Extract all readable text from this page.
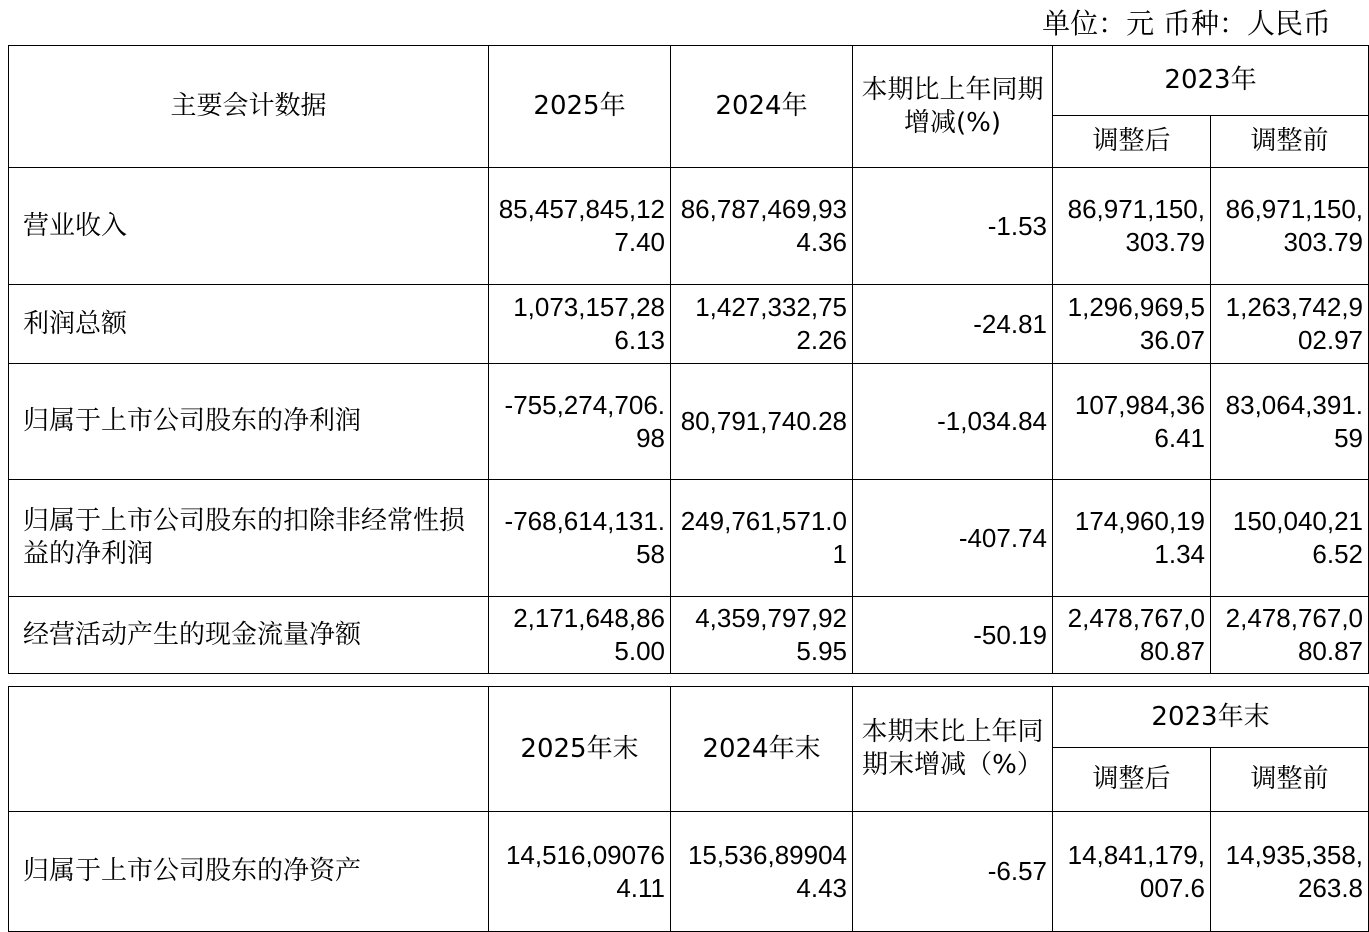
单位：元 币种：人民币
主要会计数据	2025年	2024年	本期比上年同期增减(%)	2023年	
				调整后	调整前
营业收入	85,457,845,127.40	86,787,469,934.36	-1.53	86,971,150,303.79	86,971,150,303.79
利润总额	1,073,157,286.13	1,427,332,752.26	-24.81	1,296,969,536.07	1,263,742,902.97
归属于上市公司股东的净利润	-755,274,706.98	80,791,740.28	-1,034.84	107,984,366.41	83,064,391.59
归属于上市公司股东的扣除非经常性损益的净利润	-768,614,131.58	249,761,571.01	-407.74	174,960,191.34	150,040,216.52
经营活动产生的现金流量净额	2,171,648,865.00	4,359,797,925.95	-50.19	2,478,767,080.87	2,478,767,080.87
	2025年末	2024年末	本期末比上年同期末增减（%）	2023年末	
				调整后	调整前
归属于上市公司股东的净资产	14,516,090764.11	15,536,899044.43	-6.57	14,841,179,007.6	14,935,358,263.8
